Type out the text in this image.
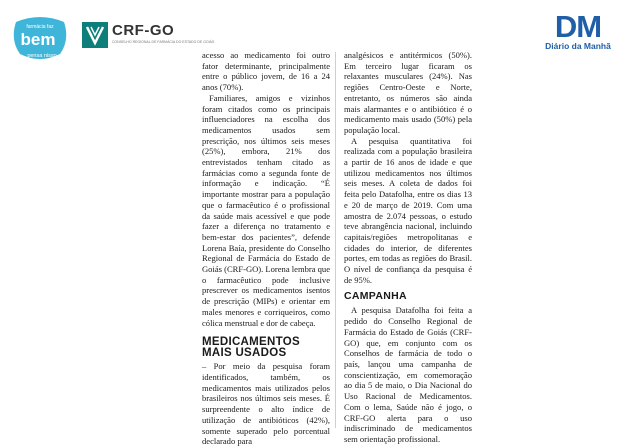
farmácia faz
bem
pensa nisso
CRF-GO
CONSELHO REGIONAL DE FARMÁCIA DO ESTADO DE GOIÁS	DM
Diário da Manhã

acesso ao medicamento foi outro fator determinante, principalmente entre o público jovem, de 16 a 24 anos (70%).

Familiares, amigos e vizinhos foram citados como os principais influenciadores na escolha dos medicamentos usados sem prescrição, nos últimos seis meses (25%), embora, 21% dos entrevistados tenham citado as farmácias como a segunda fonte de informação e indicação. “É importante mostrar para a população que o farmacêutico é o profissional da saúde mais acessível e que pode fazer a diferença no tratamento e bem-estar dos pacientes”, defende Lorena Baía, presidente do Conselho Regional de Farmácia do Estado de Goiás (CRF-GO). Lorena lembra que o farmacêutico pode inclusive prescrever os medicamentos isentos de prescrição (MIPs) e orientar em males menores e corriqueiros, como cólica menstrual e dor de cabeça.

MEDICAMENTOS
MAIS USADOS

– Por meio da pesquisa foram identificados, também, os medicamentos mais utilizados pelos brasileiros nos últimos seis meses. É surpreendente o alto índice de utilização de antibióticos (42%), somente superado pelo porcentual declarado para

analgésicos e antitérmicos (50%). Em terceiro lugar ficaram os relaxantes musculares (24%). Nas regiões Centro-Oeste e Norte, entretanto, os números são ainda mais alarmantes e o antibiótico é o medicamento mais usado (50%) pela população local.

A pesquisa quantitativa foi realizada com a população brasileira a partir de 16 anos de idade e que utilizou medicamentos nos últimos seis meses. A coleta de dados foi feita pelo Datafolha, entre os dias 13 e 20 de março de 2019. Com uma amostra de 2.074 pessoas, o estudo teve abrangência nacional, incluindo capitais/regiões metropolitanas e cidades do interior, de diferentes portes, em todas as regiões do Brasil. O nível de confiança da pesquisa é de 95%.

CAMPANHA

A pesquisa Datafolha foi feita a pedido do Conselho Regional de Farmácia do Estado de Goiás (CRF-GO) que, em conjunto com os Conselhos de farmácia de todo o país, lançou uma campanha de conscientização, em comemoração ao dia 5 de maio, o Dia Nacional do Uso Racional de Medicamentos. Com o lema, Saúde não é jogo, o CRF-GO alerta para o uso indiscriminado de medicamentos sem orientação profissional.
